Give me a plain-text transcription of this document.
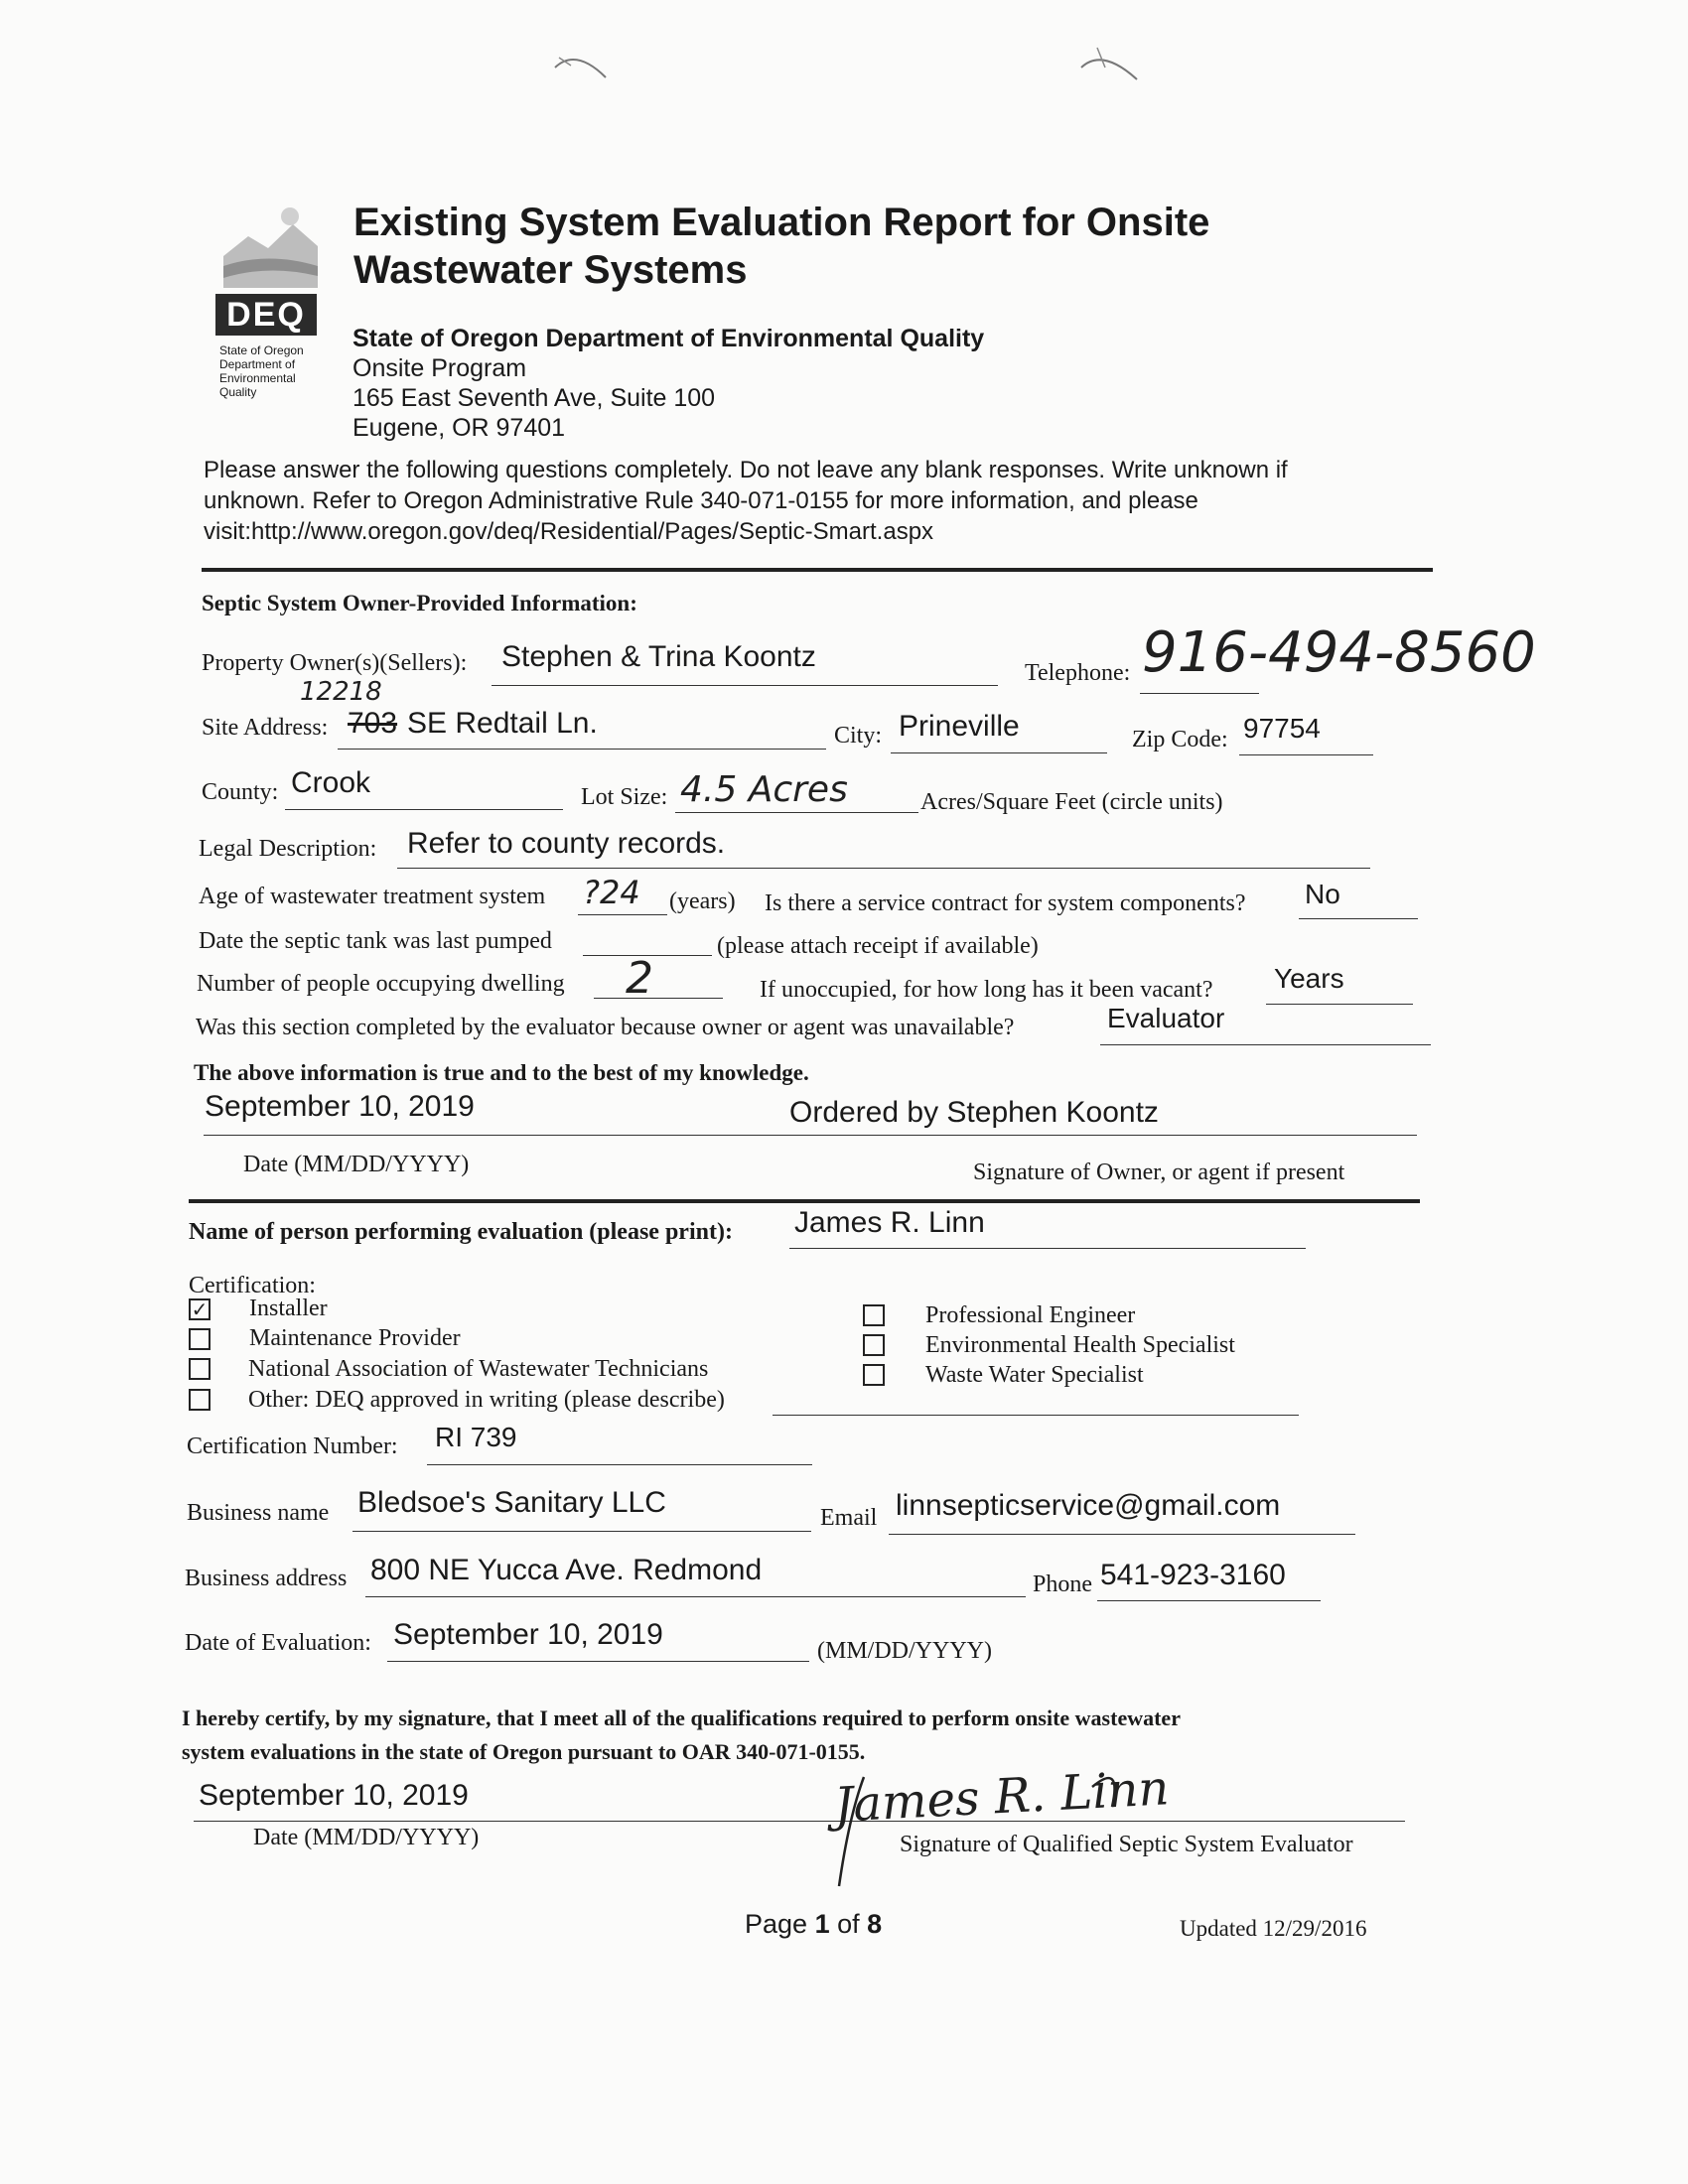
DEQ
State of Oregon
Department of
Environmental
Quality
Existing System Evaluation Report for Onsite
Wastewater Systems
State of Oregon Department of Environmental Quality
Onsite Program
165 East Seventh Ave, Suite 100
Eugene, OR 97401
Please answer the following questions completely. Do not leave any blank responses. Write unknown if
unknown. Refer to Oregon Administrative Rule 340-071-0155 for more information, and please
visit:http://www.oregon.gov/deq/Residential/Pages/Septic-Smart.aspx
Septic System Owner-Provided Information:
Property Owner(s)(Sellers): Stephen & Trina Koontz	Telephone: 916-494-8560
12218
Site Address: 703 SE Redtail Ln.	City: Prineville	Zip Code: 97754
County: Crook	Lot Size: 4.5 Acres	Acres/Square Feet (circle units)
Legal Description: Refer to county records.
Age of wastewater treatment system ?24 (years) Is there a service contract for system components? No
Date the septic tank was last pumped	(please attach receipt if available)
Number of people occupying dwelling 2	If unoccupied, for how long has it been vacant? Years
Was this section completed by the evaluator because owner or agent was unavailable?	Evaluator
The above information is true and to the best of my knowledge.
September 10, 2019	Ordered by Stephen Koontz
Date (MM/DD/YYYY)	Signature of Owner, or agent if present
Name of person performing evaluation (please print): James R. Linn
Certification:
✓ Installer
Maintenance Provider
National Association of Wastewater Technicians
Other: DEQ approved in writing (please describe)
Professional Engineer
Environmental Health Specialist
Waste Water Specialist
Certification Number: RI 739
Business name Bledsoe's Sanitary LLC	Email linnsepticservice@gmail.com
Business address 800 NE Yucca Ave. Redmond	Phone 541-923-3160
Date of Evaluation: September 10, 2019	(MM/DD/YYYY)
I hereby certify, by my signature, that I meet all of the qualifications required to perform onsite wastewater
system evaluations in the state of Oregon pursuant to OAR 340-071-0155.
September 10, 2019
Date (MM/DD/YYYY)
James R. Linn
Signature of Qualified Septic System Evaluator
Page 1 of 8	Updated 12/29/2016
